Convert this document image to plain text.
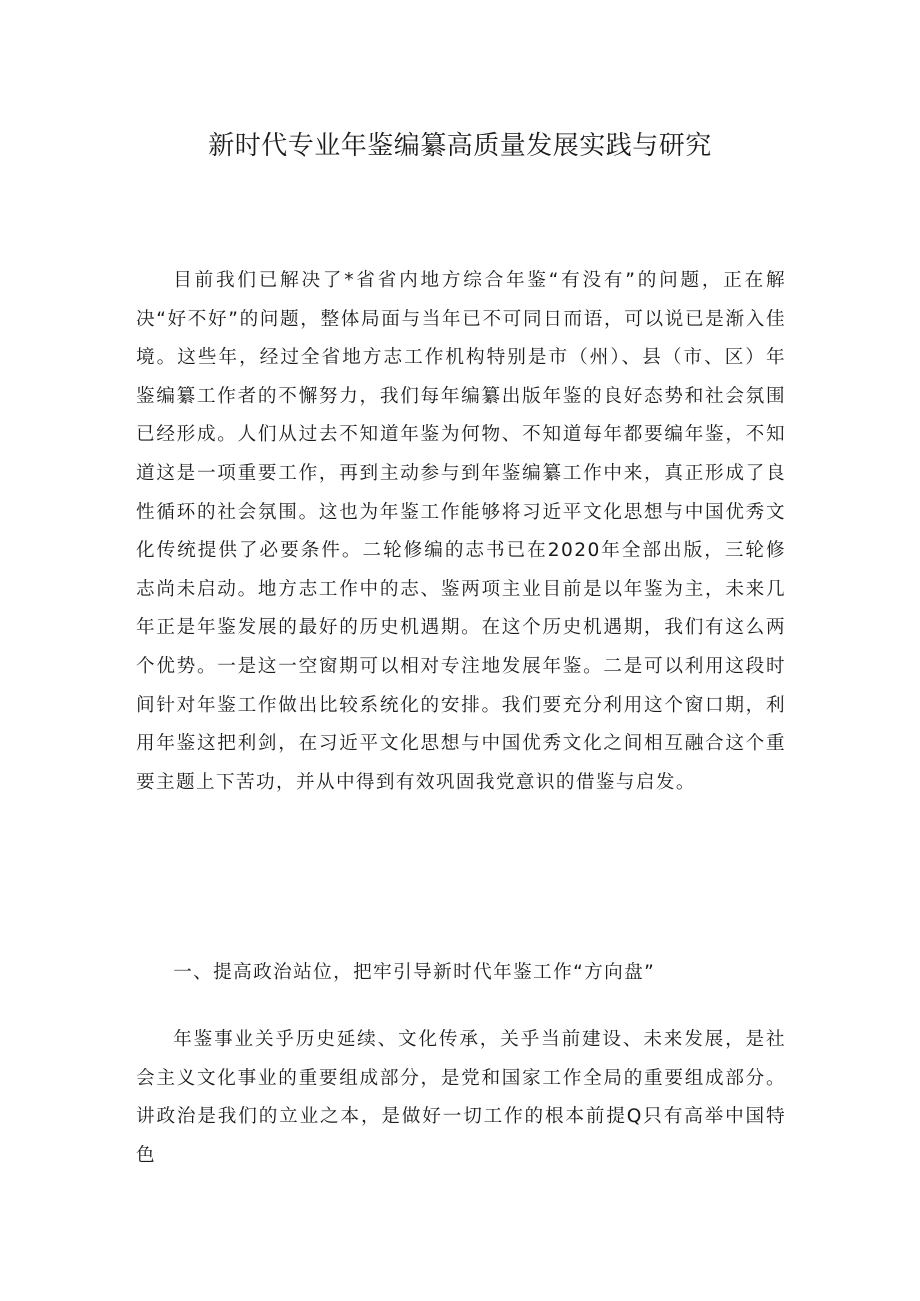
新时代专业年鉴编纂高质量发展实践与研究

目前我们已解决了*省省内地方综合年鉴“有没有”的问题，正在解决“好不好”的问题，整体局面与当年已不可同日而语，可以说已是渐入佳境。这些年，经过全省地方志工作机构特别是市（州）、县（市、区）年鉴编纂工作者的不懈努力，我们每年编纂出版年鉴的良好态势和社会氛围已经形成。人们从过去不知道年鉴为何物、不知道每年都要编年鉴，不知道这是一项重要工作，再到主动参与到年鉴编纂工作中来，真正形成了良性循环的社会氛围。这也为年鉴工作能够将习近平文化思想与中国优秀文化传统提供了必要条件。二轮修编的志书已在2020年全部出版，三轮修志尚未启动。地方志工作中的志、鉴两项主业目前是以年鉴为主，未来几年正是年鉴发展的最好的历史机遇期。在这个历史机遇期，我们有这么两个优势。一是这一空窗期可以相对专注地发展年鉴。二是可以利用这段时间针对年鉴工作做出比较系统化的安排。我们要充分利用这个窗口期，利用年鉴这把利剑，在习近平文化思想与中国优秀文化之间相互融合这个重要主题上下苦功，并从中得到有效巩固我党意识的借鉴与启发。

一、提高政治站位，把牢引导新时代年鉴工作“方向盘”

年鉴事业关乎历史延续、文化传承，关乎当前建设、未来发展，是社会主义文化事业的重要组成部分，是党和国家工作全局的重要组成部分。讲政治是我们的立业之本，是做好一切工作的根本前提Q只有高举中国特色
